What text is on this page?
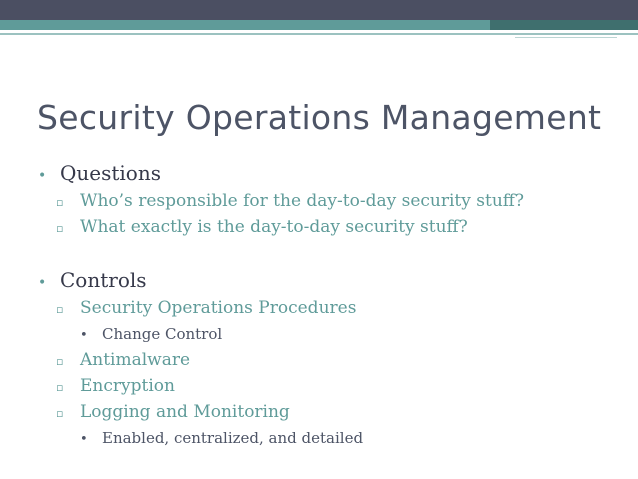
Security Operations Management
• Questions
▫ Who’s responsible for the day-to-day security stuff?
▫ What exactly is the day-to-day security stuff?
• Controls
▫ Security Operations Procedures
• Change Control
▫ Antimalware
▫ Encryption
▫ Logging and Monitoring
• Enabled, centralized, and detailed
